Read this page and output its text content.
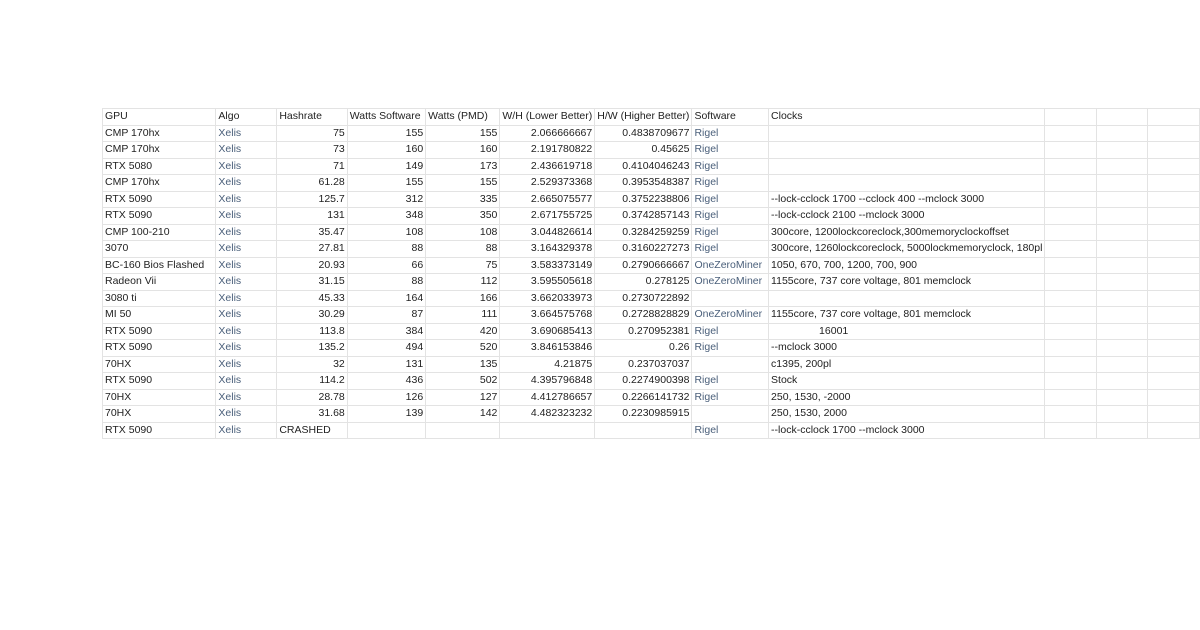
GPU	Algo	Hashrate	Watts Software	Watts (PMD)	W/H (Lower Better)	H/W (Higher Better)	Software	Clocks			
CMP 170hx	Xelis	75	155	155	2.066666667	0.4838709677	Rigel				
CMP 170hx	Xelis	73	160	160	2.191780822	0.45625	Rigel				
RTX 5080	Xelis	71	149	173	2.436619718	0.4104046243	Rigel				
CMP 170hx	Xelis	61.28	155	155	2.529373368	0.3953548387	Rigel				
RTX 5090	Xelis	125.7	312	335	2.665075577	0.3752238806	Rigel	--lock-cclock 1700 --cclock 400 --mclock 3000			
RTX 5090	Xelis	131	348	350	2.671755725	0.3742857143	Rigel	--lock-cclock 2100 --mclock 3000			
CMP 100-210	Xelis	35.47	108	108	3.044826614	0.3284259259	Rigel	300core, 1200lockcoreclock,300memoryclockoffset			
3070	Xelis	27.81	88	88	3.164329378	0.3160227273	Rigel	300core, 1260lockcoreclock, 5000lockmemoryclock, 180pl			
BC-160 Bios Flashed	Xelis	20.93	66	75	3.583373149	0.2790666667	OneZeroMiner	1050, 670, 700, 1200, 700, 900			
Radeon Vii	Xelis	31.15	88	112	3.595505618	0.278125	OneZeroMiner	1155core, 737 core voltage, 801 memclock			
3080 ti	Xelis	45.33	164	166	3.662033973	0.2730722892					
MI 50	Xelis	30.29	87	111	3.664575768	0.2728828829	OneZeroMiner	1155core, 737 core voltage, 801 memclock			
RTX 5090	Xelis	113.8	384	420	3.690685413	0.270952381	Rigel	16001			
RTX 5090	Xelis	135.2	494	520	3.846153846	0.26	Rigel	--mclock 3000			
70HX	Xelis	32	131	135	4.21875	0.237037037		c1395, 200pl			
RTX 5090	Xelis	114.2	436	502	4.395796848	0.2274900398	Rigel	Stock			
70HX	Xelis	28.78	126	127	4.412786657	0.2266141732	Rigel	250, 1530, -2000			
70HX	Xelis	31.68	139	142	4.482323232	0.2230985915		250, 1530, 2000			
RTX 5090	Xelis	CRASHED					Rigel	--lock-cclock 1700 --mclock 3000			
